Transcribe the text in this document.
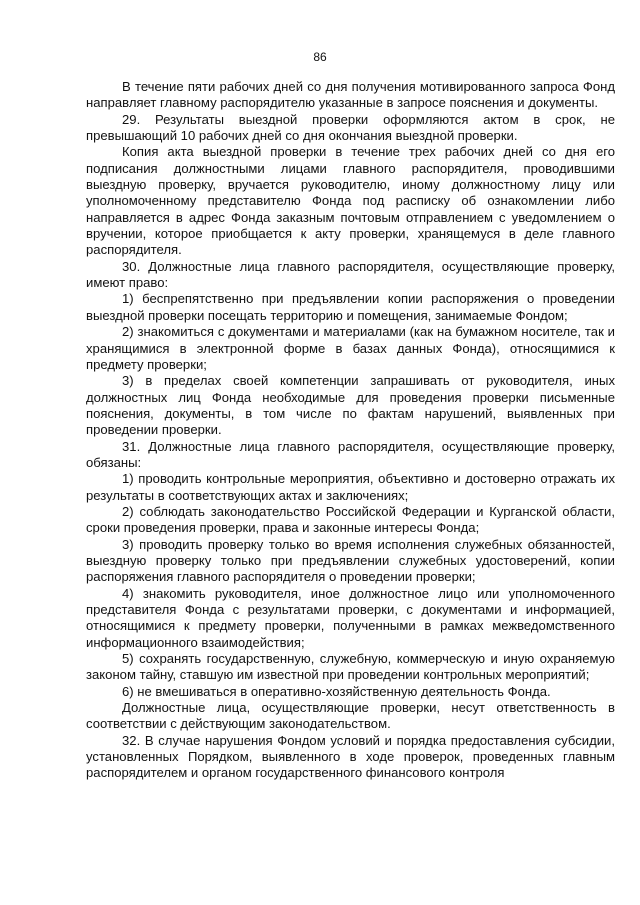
86

В течение пяти рабочих дней со дня получения мотивированного запроса Фонд направляет главному распорядителю указанные в запросе пояснения и документы.

29. Результаты выездной проверки оформляются актом в срок, не превышающий 10 рабочих дней со дня окончания выездной проверки.

Копия акта выездной проверки в течение трех рабочих дней со дня его подписания должностными лицами главного распорядителя, проводившими выездную проверку, вручается руководителю, иному должностному лицу или уполномоченному представителю Фонда под расписку об ознакомлении либо направляется в адрес Фонда заказным почтовым отправлением с уведомлением о вручении, которое приобщается к акту проверки, хранящемуся в деле главного распорядителя.

30. Должностные лица главного распорядителя, осуществляющие проверку, имеют право:

1) беспрепятственно при предъявлении копии распоряжения о проведении выездной проверки посещать территорию и помещения, занимаемые Фондом;

2) знакомиться с документами и материалами (как на бумажном носителе, так и хранящимися в электронной форме в базах данных Фонда), относящимися к предмету проверки;

3) в пределах своей компетенции запрашивать от руководителя, иных должностных лиц Фонда необходимые для проведения проверки письменные пояснения, документы, в том числе по фактам нарушений, выявленных при проведении проверки.

31. Должностные лица главного распорядителя, осуществляющие проверку, обязаны:

1) проводить контрольные мероприятия, объективно и достоверно отражать их результаты в соответствующих актах и заключениях;

2) соблюдать законодательство Российской Федерации и Курганской области, сроки проведения проверки, права и законные интересы Фонда;

3) проводить проверку только во время исполнения служебных обязанностей, выездную проверку только при предъявлении служебных удостоверений, копии распоряжения главного распорядителя о проведении проверки;

4) знакомить руководителя, иное должностное лицо или уполномоченного представителя Фонда с результатами проверки, с документами и информацией, относящимися к предмету проверки, полученными в рамках межведомственного информационного взаимодействия;

5) сохранять государственную, служебную, коммерческую и иную охраняемую законом тайну, ставшую им известной при проведении контрольных мероприятий;

6) не вмешиваться в оперативно-хозяйственную деятельность Фонда.

Должностные лица, осуществляющие проверки, несут ответственность в соответствии с действующим законодательством.

32. В случае нарушения Фондом условий и порядка предоставления субсидии, установленных Порядком, выявленного в ходе проверок, проведенных главным распорядителем и органом государственного финансового контроля
